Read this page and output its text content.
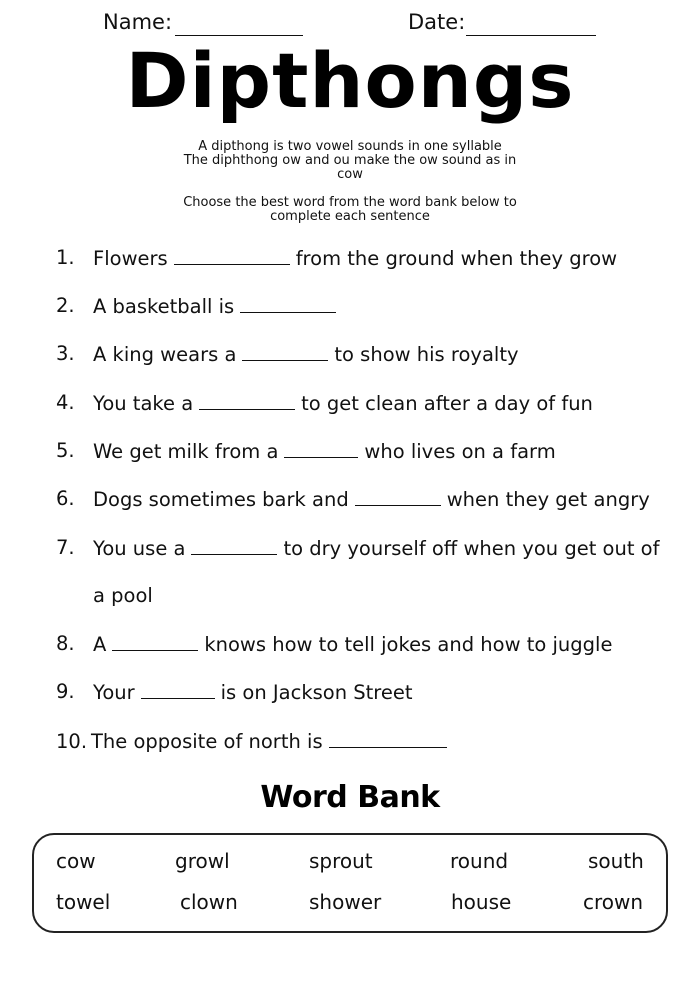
Name:	Date:
Dipthongs
A dipthong is two vowel sounds in one syllable
The diphthong ow and ou make the ow sound as in
cow
Choose the best word from the word bank below to
complete each sentence
1. Flowers	from the ground when they grow
2. A basketball is
3. A king wears a	to show his royalty
4. You take a	to get clean after a day of fun
5. We get milk from a	who lives on a farm
6. Dogs sometimes bark and	when they get angry
7. You use a	to dry yourself off when you get out of
a pool
8. A	knows how to tell jokes and how to juggle
9. Your	is on Jackson Street
10. The opposite of north is
Word Bank
cow	growl	sprout	round	south
towel	clown	shower	house	crown
